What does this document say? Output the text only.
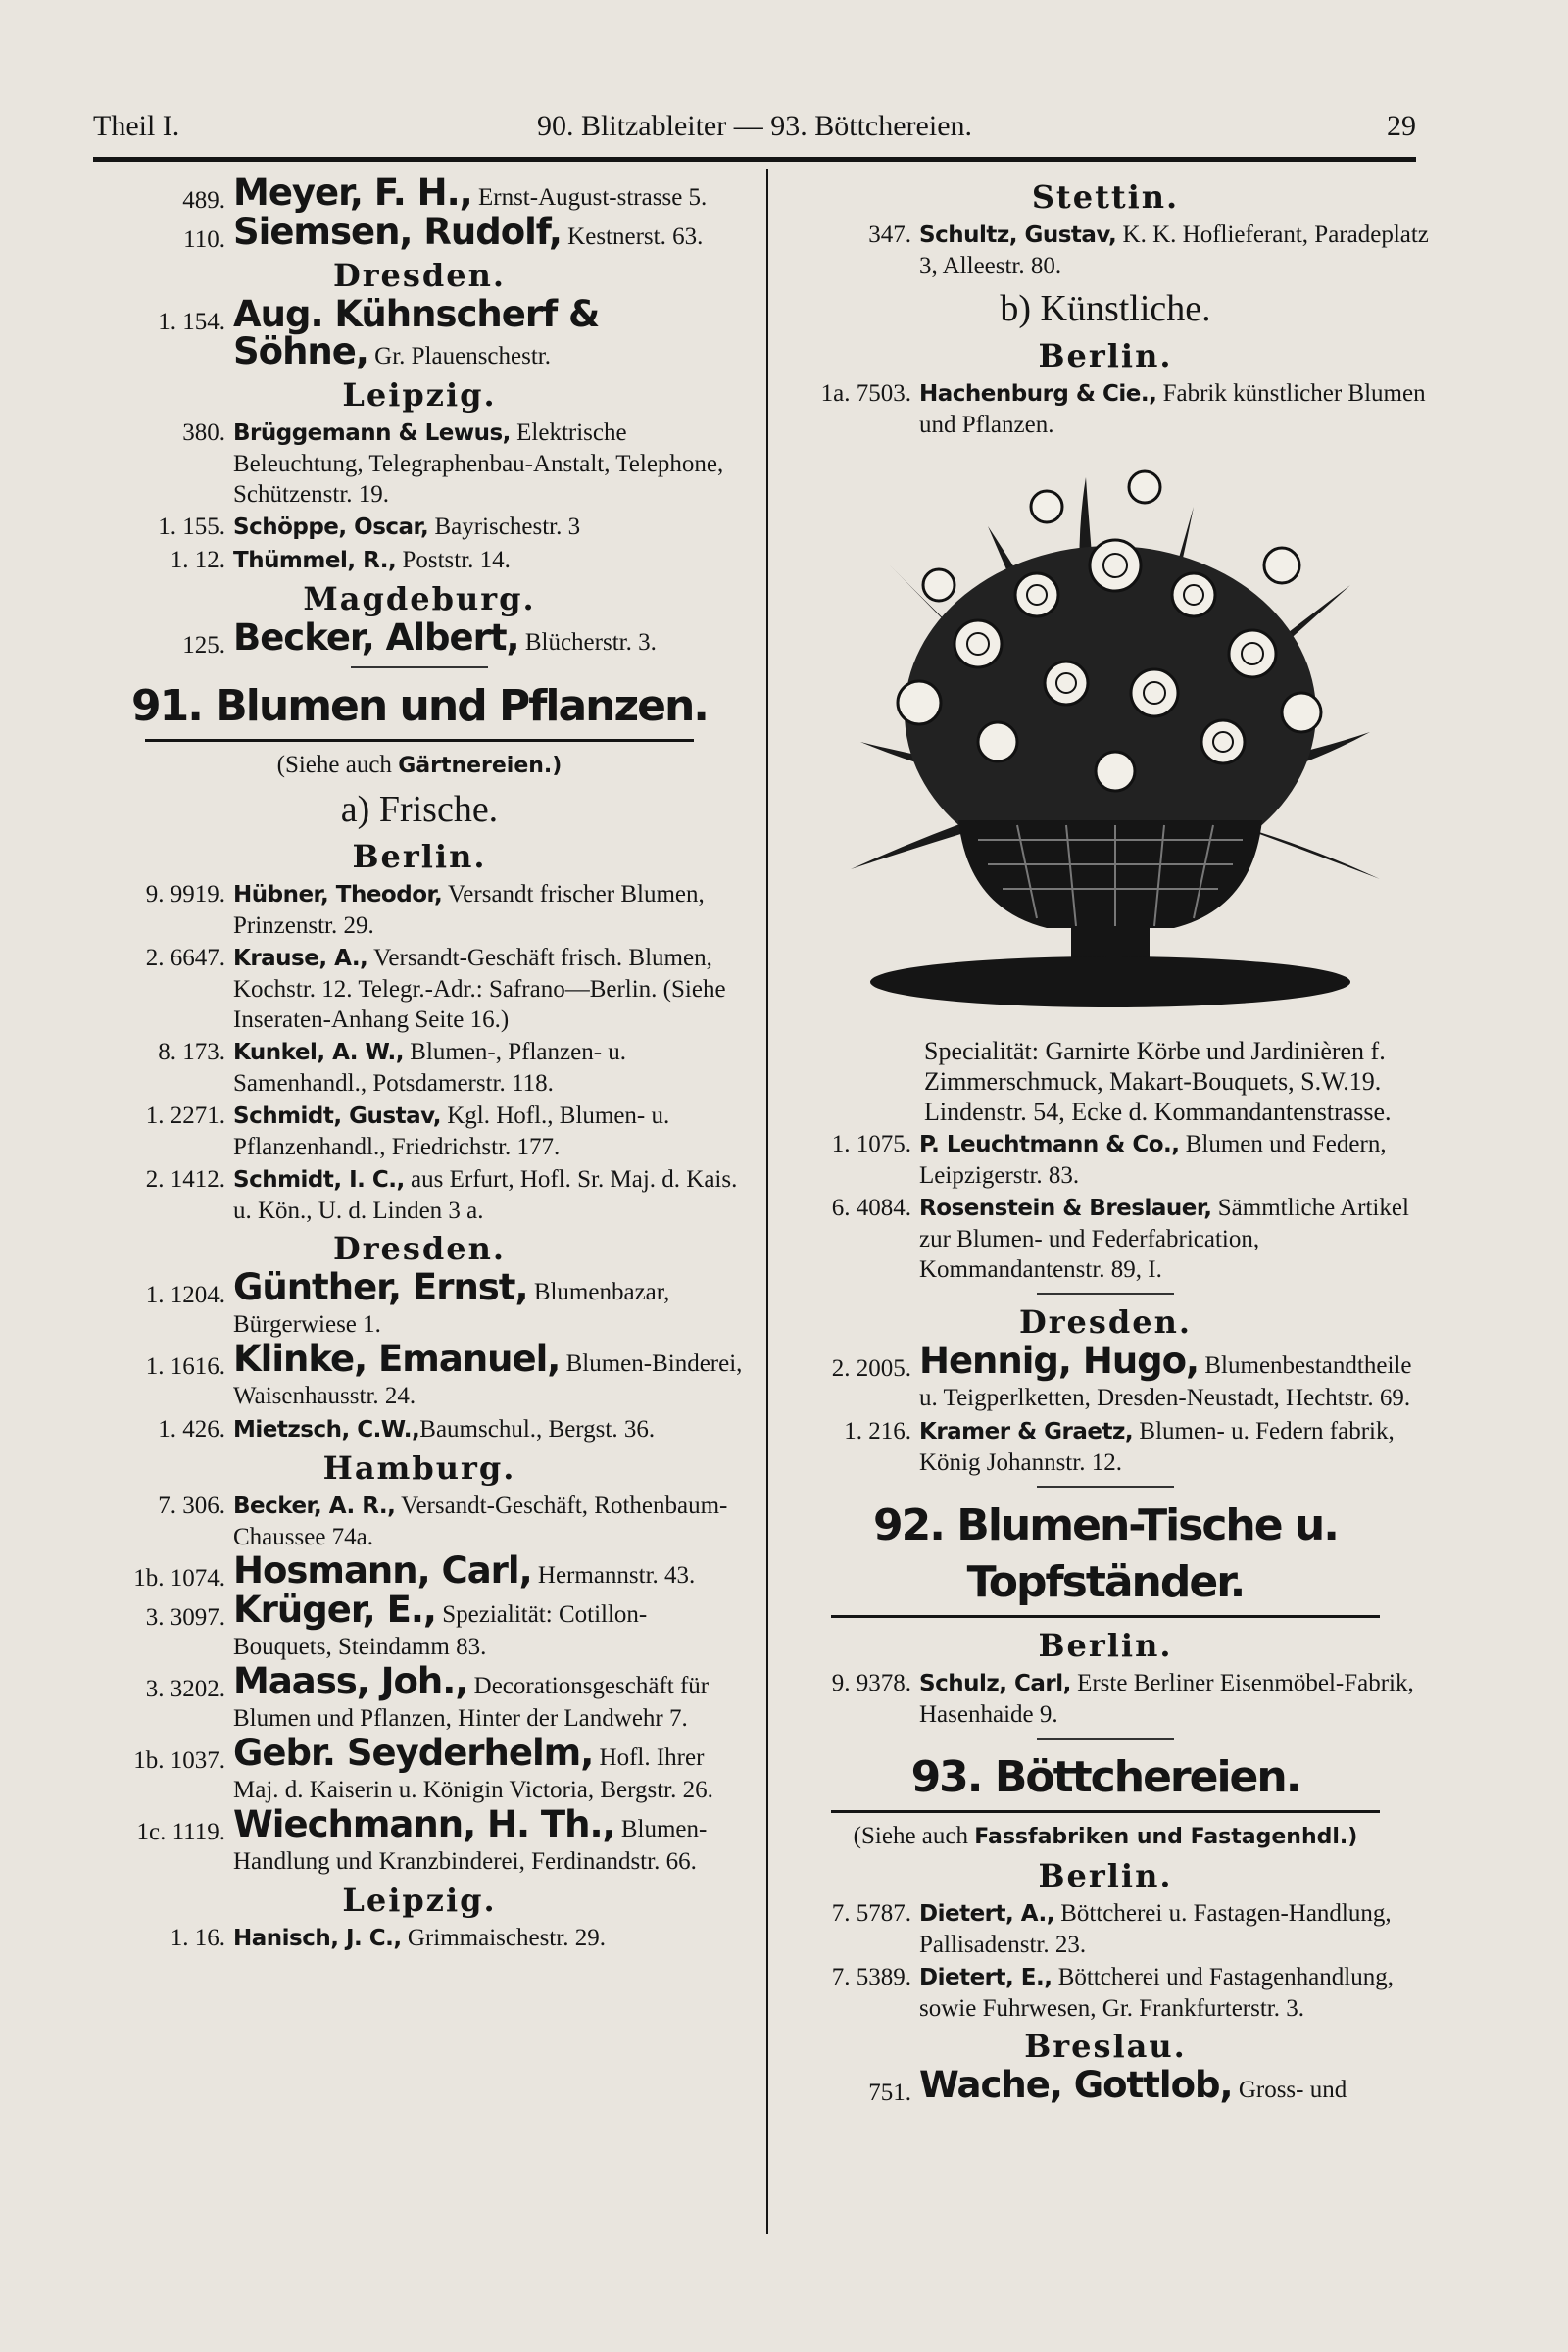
Theil I.	90. Blitzableiter — 93. Böttchereien.	29
489. Meyer, F. H., Ernst-August-strasse 5.
110. Siemsen, Rudolf, Kestnerst. 63.
Dresden.
1. 154. Aug. Kühnscherf & Söhne, Gr. Plauenschestr.
Leipzig.
380. Brüggemann & Lewus, Elektrische Beleuchtung, Telegraphenbau-Anstalt, Telephone, Schützenstr. 19.
1. 155. Schöppe, Oscar, Bayrischestr. 3
1. 12. Thümmel, R., Poststr. 14.
Magdeburg.
125. Becker, Albert, Blücherstr. 3.
91. Blumen und Pflanzen.
(Siehe auch Gärtnereien.)
a) Frische.
Berlin.
9. 9919. Hübner, Theodor, Versandt frischer Blumen, Prinzenstr. 29.
2. 6647. Krause, A., Versandt-Geschäft frisch. Blumen, Kochstr. 12. Telegr.-Adr.: Safrano—Berlin. (Siehe Inseraten-Anhang Seite 16.)
8. 173. Kunkel, A. W., Blumen-, Pflanzen- u. Samenhandl., Potsdamerstr. 118.
1. 2271. Schmidt, Gustav, Kgl. Hofl., Blumen- u. Pflanzenhandl., Friedrichstr. 177.
2. 1412. Schmidt, I. C., aus Erfurt, Hofl. Sr. Maj. d. Kais. u. Kön., U. d. Linden 3 a.
Dresden.
1. 1204. Günther, Ernst, Blumenbazar, Bürgerwiese 1.
1. 1616. Klinke, Emanuel, Blumen-Binderei, Waisenhausstr. 24.
1. 426. Mietzsch, C.W.,Baumschul., Bergst. 36.
Hamburg.
7. 306. Becker, A. R., Versandt-Geschäft, Rothenbaum-Chaussee 74a.
1b. 1074. Hosmann, Carl, Hermannstr. 43.
3. 3097. Krüger, E., Spezialität: Cotillon-Bouquets, Steindamm 83.
3. 3202. Maass, Joh., Decorationsgeschäft für Blumen und Pflanzen, Hinter der Landwehr 7.
1b. 1037. Gebr. Seyderhelm, Hofl. Ihrer Maj. d. Kaiserin u. Königin Victoria, Bergstr. 26.
1c. 1119. Wiechmann, H. Th., Blumen-Handlung und Kranzbinderei, Ferdinandstr. 66.
Leipzig.
1. 16. Hanisch, J. C., Grimmaischestr. 29.
Stettin.
347. Schultz, Gustav, K. K. Hoflieferant, Paradeplatz 3, Alleestr. 80.
b) Künstliche.
Berlin.
1a. 7503. Hachenburg & Cie., Fabrik künstlicher Blumen und Pflanzen.
Specialität: Garnirte Körbe und Jardinièren f. Zimmerschmuck, Makart-Bouquets, S.W.19. Lindenstr. 54, Ecke d. Kommandantenstrasse.
1. 1075. P. Leuchtmann & Co., Blumen und Federn, Leipzigerstr. 83.
6. 4084. Rosenstein & Breslauer, Sämmtliche Artikel zur Blumen- und Federfabrication, Kommandantenstr. 89, I.
Dresden.
2. 2005. Hennig, Hugo, Blumenbestandtheile u. Teigperlketten, Dresden-Neustadt, Hechtstr. 69.
1. 216. Kramer & Graetz, Blumen- u. Federn fabrik, König Johannstr. 12.
92. Blumen-Tische u. Topfständer.
Berlin.
9. 9378. Schulz, Carl, Erste Berliner Eisenmöbel-Fabrik, Hasenhaide 9.
93. Böttchereien.
(Siehe auch Fassfabriken und Fastagenhdl.)
Berlin.
7. 5787. Dietert, A., Böttcherei u. Fastagen-Handlung, Pallisadenstr. 23.
7. 5389. Dietert, E., Böttcherei und Fastagenhandlung, sowie Fuhrwesen, Gr. Frankfurterstr. 3.
Breslau.
751. Wache, Gottlob, Gross- und
